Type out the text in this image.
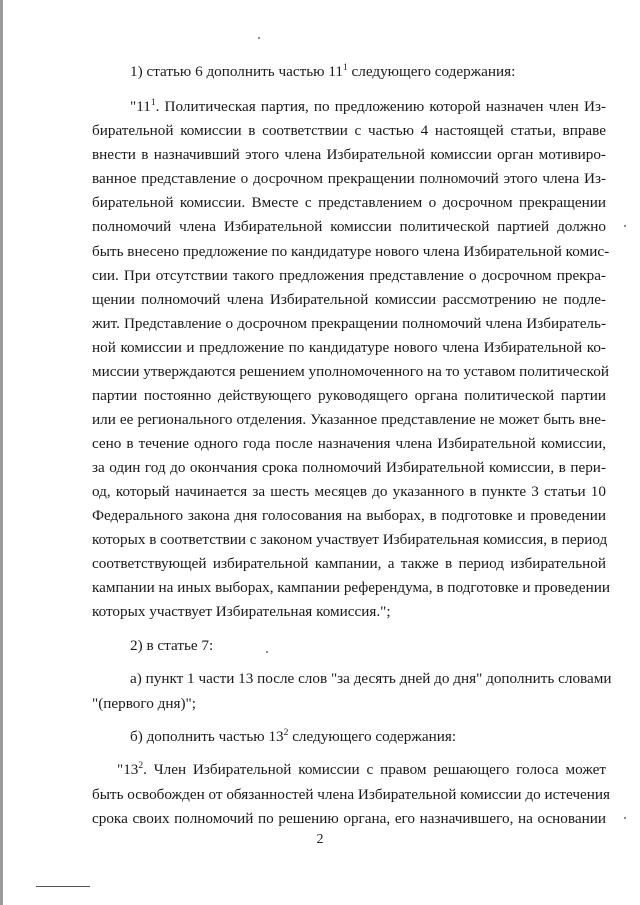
1) статью 6 дополнить частью $11^1$ следующего содержания:
"$11^1$. Политическая партия, по предложению которой назначен член Из-
бирательной комиссии в соответствии с частью 4 настоящей статьи, вправе
внести в назначивший этого члена Избирательной комиссии орган мотивиро-
ванное представление о досрочном прекращении полномочий этого члена Из-
бирательной комиссии. Вместе с представлением о досрочном прекращении
полномочий члена Избирательной комиссии политической партией должно
быть внесено предложение по кандидатуре нового члена Избирательной комис-
сии. При отсутствии такого предложения представление о досрочном прекра-
щении полномочий члена Избирательной комиссии рассмотрению не подле-
жит. Представление о досрочном прекращении полномочий члена Избиратель-
ной комиссии и предложение по кандидатуре нового члена Избирательной ко-
миссии утверждаются решением уполномоченного на то уставом политической
партии постоянно действующего руководящего органа политической партии
или ее регионального отделения. Указанное представление не может быть вне-
сено в течение одного года после назначения члена Избирательной комиссии,
за один год до окончания срока полномочий Избирательной комиссии, в пери-
од, который начинается за шесть месяцев до указанного в пункте 3 статьи 10
Федерального закона дня голосования на выборах, в подготовке и проведении
которых в соответствии с законом участвует Избирательная комиссия, в период
соответствующей избирательной кампании, а также в период избирательной
кампании на иных выборах, кампании референдума, в подготовке и проведении
которых участвует Избирательная комиссия.";
2) в статье 7:
а) пункт 1 части 13 после слов "за десять дней до дня" дополнить словами
"(первого дня)";
б) дополнить частью $13^2$ следующего содержания:
"$13^2$. Член Избирательной комиссии с правом решающего голоса может
быть освобожден от обязанностей члена Избирательной комиссии до истечения
срока своих полномочий по решению органа, его назначившего, на основании
2
